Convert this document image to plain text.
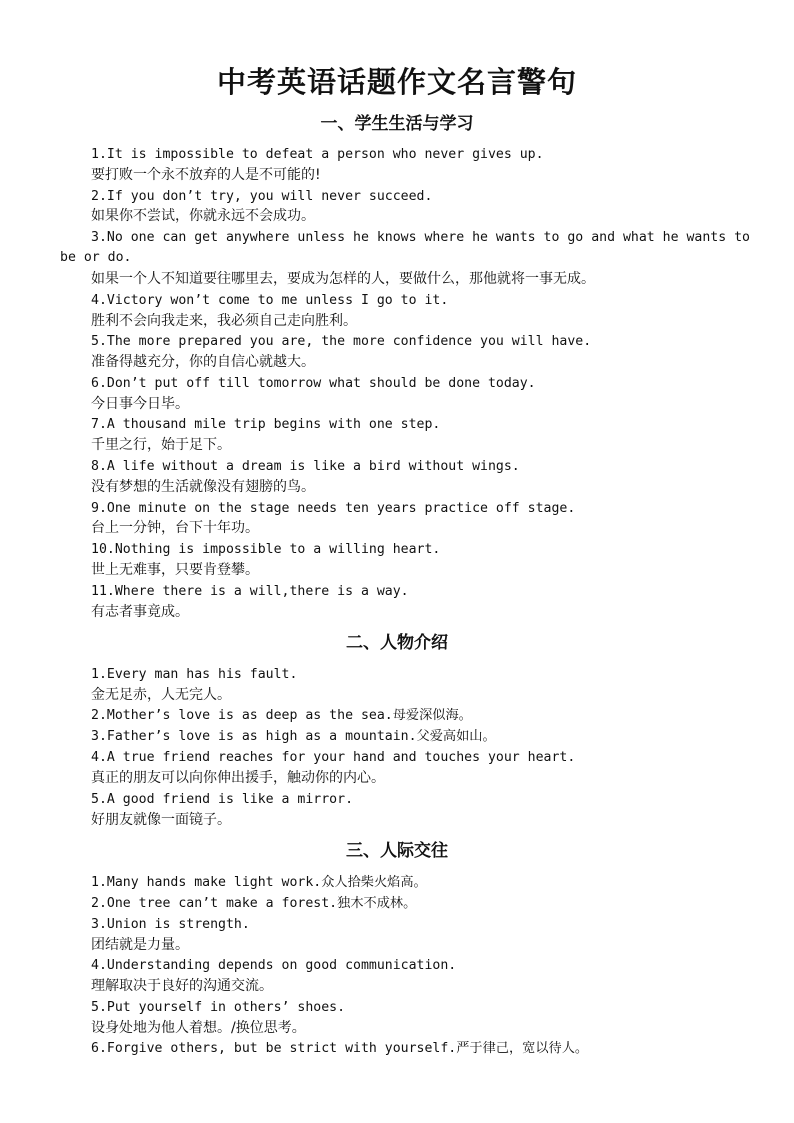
中考英语话题作文名言警句
一、学生生活与学习
1.It is impossible to defeat a person who never gives up.
要打败一个永不放弃的人是不可能的!
2.If you don’t try, you will never succeed.
如果你不尝试，你就永远不会成功。
3.No one can get anywhere unless he knows where he wants to go and what he wants to be or do.
如果一个人不知道要往哪里去，要成为怎样的人，要做什么，那他就将一事无成。
4.Victory won’t come to me unless I go to it.
胜利不会向我走来，我必须自己走向胜利。
5.The more prepared you are, the more confidence you will have.
准备得越充分，你的自信心就越大。
6.Don’t put off till tomorrow what should be done today.
今日事今日毕。
7.A thousand mile trip begins with one step.
千里之行，始于足下。
8.A life without a dream is like a bird without wings.
没有梦想的生活就像没有翅膀的鸟。
9.One minute on the stage needs ten years practice off stage.
台上一分钟，台下十年功。
10.Nothing is impossible to a willing heart.
世上无难事，只要肯登攀。
11.Where there is a will,there is a way.
有志者事竟成。
二、人物介绍
1.Every man has his fault.
金无足赤，人无完人。
2.Mother’s love is as deep as the sea.母爱深似海。
3.Father’s love is as high as a mountain.父爱高如山。
4.A true friend reaches for your hand and touches your heart.
真正的朋友可以向你伸出援手，触动你的内心。
5.A good friend is like a mirror.
好朋友就像一面镜子。
三、人际交往
1.Many hands make light work.众人拾柴火焰高。
2.One tree can’t make a forest.独木不成林。
3.Union is strength.
团结就是力量。
4.Understanding depends on good communication.
理解取决于良好的沟通交流。
5.Put yourself in others’ shoes.
设身处地为他人着想。/换位思考。
6.Forgive others, but be strict with yourself.严于律己，宽以待人。
